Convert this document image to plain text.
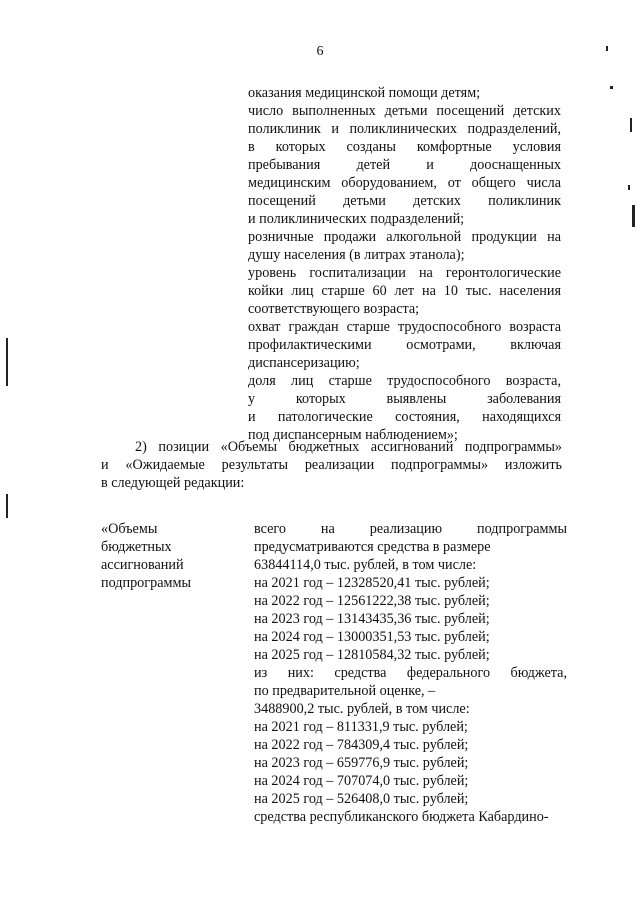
6
оказания медицинской помощи детям;
число выполненных детьми посещений детских
поликлиник и поликлинических подразделений,
в которых созданы комфортные условия
пребывания детей и дооснащенных
медицинским оборудованием, от общего числа
посещений детьми детских поликлиник
и поликлинических подразделений;
розничные продажи алкогольной продукции на
душу населения (в литрах этанола);
уровень госпитализации на геронтологические
койки лиц старше 60 лет на 10 тыс. населения
соответствующего возраста;
охват граждан старше трудоспособного возраста
профилактическими осмотрами, включая
диспансеризацию;
доля лиц старше трудоспособного возраста,
у которых выявлены заболевания
и патологические состояния, находящихся
под диспансерным наблюдением»;
2) позиции «Объемы бюджетных ассигнований подпрограммы»
и «Ожидаемые результаты реализации подпрограммы» изложить
в следующей редакции:
«Объемы
бюджетных
ассигнований
подпрограммы
всего на реализацию подпрограммы
предусматриваются средства в размере
63844114,0 тыс. рублей, в том числе:
на 2021 год – 12328520,41 тыс. рублей;
на 2022 год – 12561222,38 тыс. рублей;
на 2023 год – 13143435,36 тыс. рублей;
на 2024 год – 13000351,53 тыс. рублей;
на 2025 год – 12810584,32 тыс. рублей;
из них: средства федерального бюджета,
по предварительной оценке, –
3488900,2 тыс. рублей, в том числе:
на 2021 год – 811331,9 тыс. рублей;
на 2022 год – 784309,4 тыс. рублей;
на 2023 год – 659776,9 тыс. рублей;
на 2024 год – 707074,0 тыс. рублей;
на 2025 год – 526408,0 тыс. рублей;
средства республиканского бюджета Кабардино-
